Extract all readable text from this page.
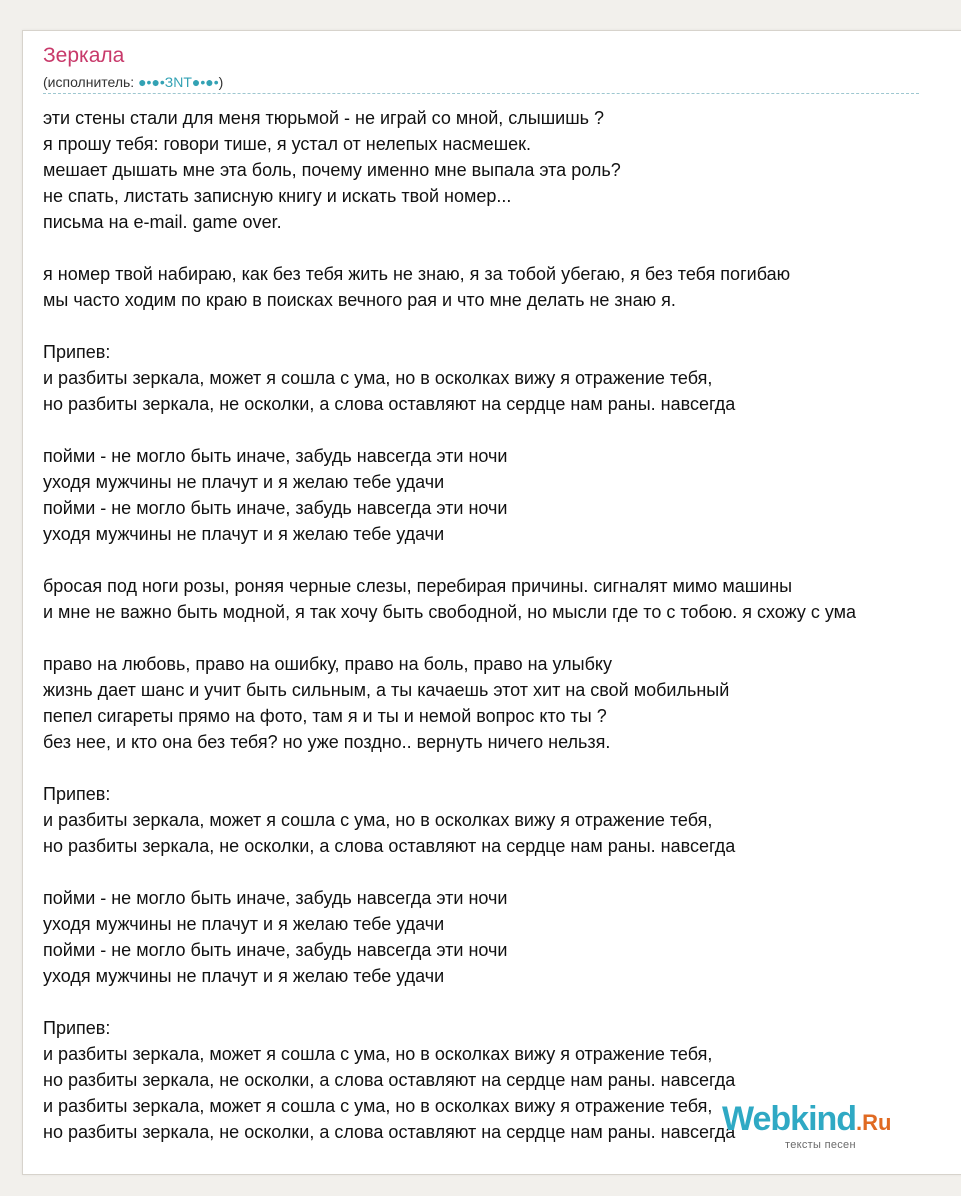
Зеркала
(исполнитель: ●•●•ЗNT●•●•)
эти стены стали для меня тюрьмой - не играй со мной, слышишь ?
я прошу тебя: говори тише, я устал от нелепых насмешек.
мешает дышать мне эта боль, почему именно мне выпала эта роль?
не спать, листать записную книгу и искать твой номер...
письма на e-mail. game over.
я номер твой набираю, как без тебя жить не знаю, я за тобой убегаю, я без тебя погибаю
мы часто ходим по краю в поисках вечного рая и что мне делать не знаю я.
Припев:
и разбиты зеркала, может я сошла с ума, но в осколках вижу я отражение тебя,
но разбиты зеркала, не осколки, а слова оставляют на сердце нам раны. навсегда
пойми - не могло быть иначе, забудь навсегда эти ночи
уходя мужчины не плачут и я желаю тебе удачи
пойми - не могло быть иначе, забудь навсегда эти ночи
уходя мужчины не плачут и я желаю тебе удачи
бросая под ноги розы, роняя черные слезы, перебирая причины. сигналят мимо машины
и мне не важно быть модной, я так хочу быть свободной, но мысли где то с тобою. я схожу с ума
право на любовь, право на ошибку, право на боль, право на улыбку
жизнь дает шанс и учит быть сильным, а ты качаешь этот хит на свой мобильный
пепел сигареты прямо на фото, там я и ты и немой вопрос кто ты ?
без нее, и кто она без тебя? но уже поздно.. вернуть ничего нельзя.
Припев:
и разбиты зеркала, может я сошла с ума, но в осколках вижу я отражение тебя,
но разбиты зеркала, не осколки, а слова оставляют на сердце нам раны. навсегда
пойми - не могло быть иначе, забудь навсегда эти ночи
уходя мужчины не плачут и я желаю тебе удачи
пойми - не могло быть иначе, забудь навсегда эти ночи
уходя мужчины не плачут и я желаю тебе удачи
Припев:
и разбиты зеркала, может я сошла с ума, но в осколках вижу я отражение тебя,
но разбиты зеркала, не осколки, а слова оставляют на сердце нам раны. навсегда
и разбиты зеркала, может я сошла с ума, но в осколках вижу я отражение тебя,
но разбиты зеркала, не осколки, а слова оставляют на сердце нам раны. навсегда
Webkind.Ru
тексты песен
